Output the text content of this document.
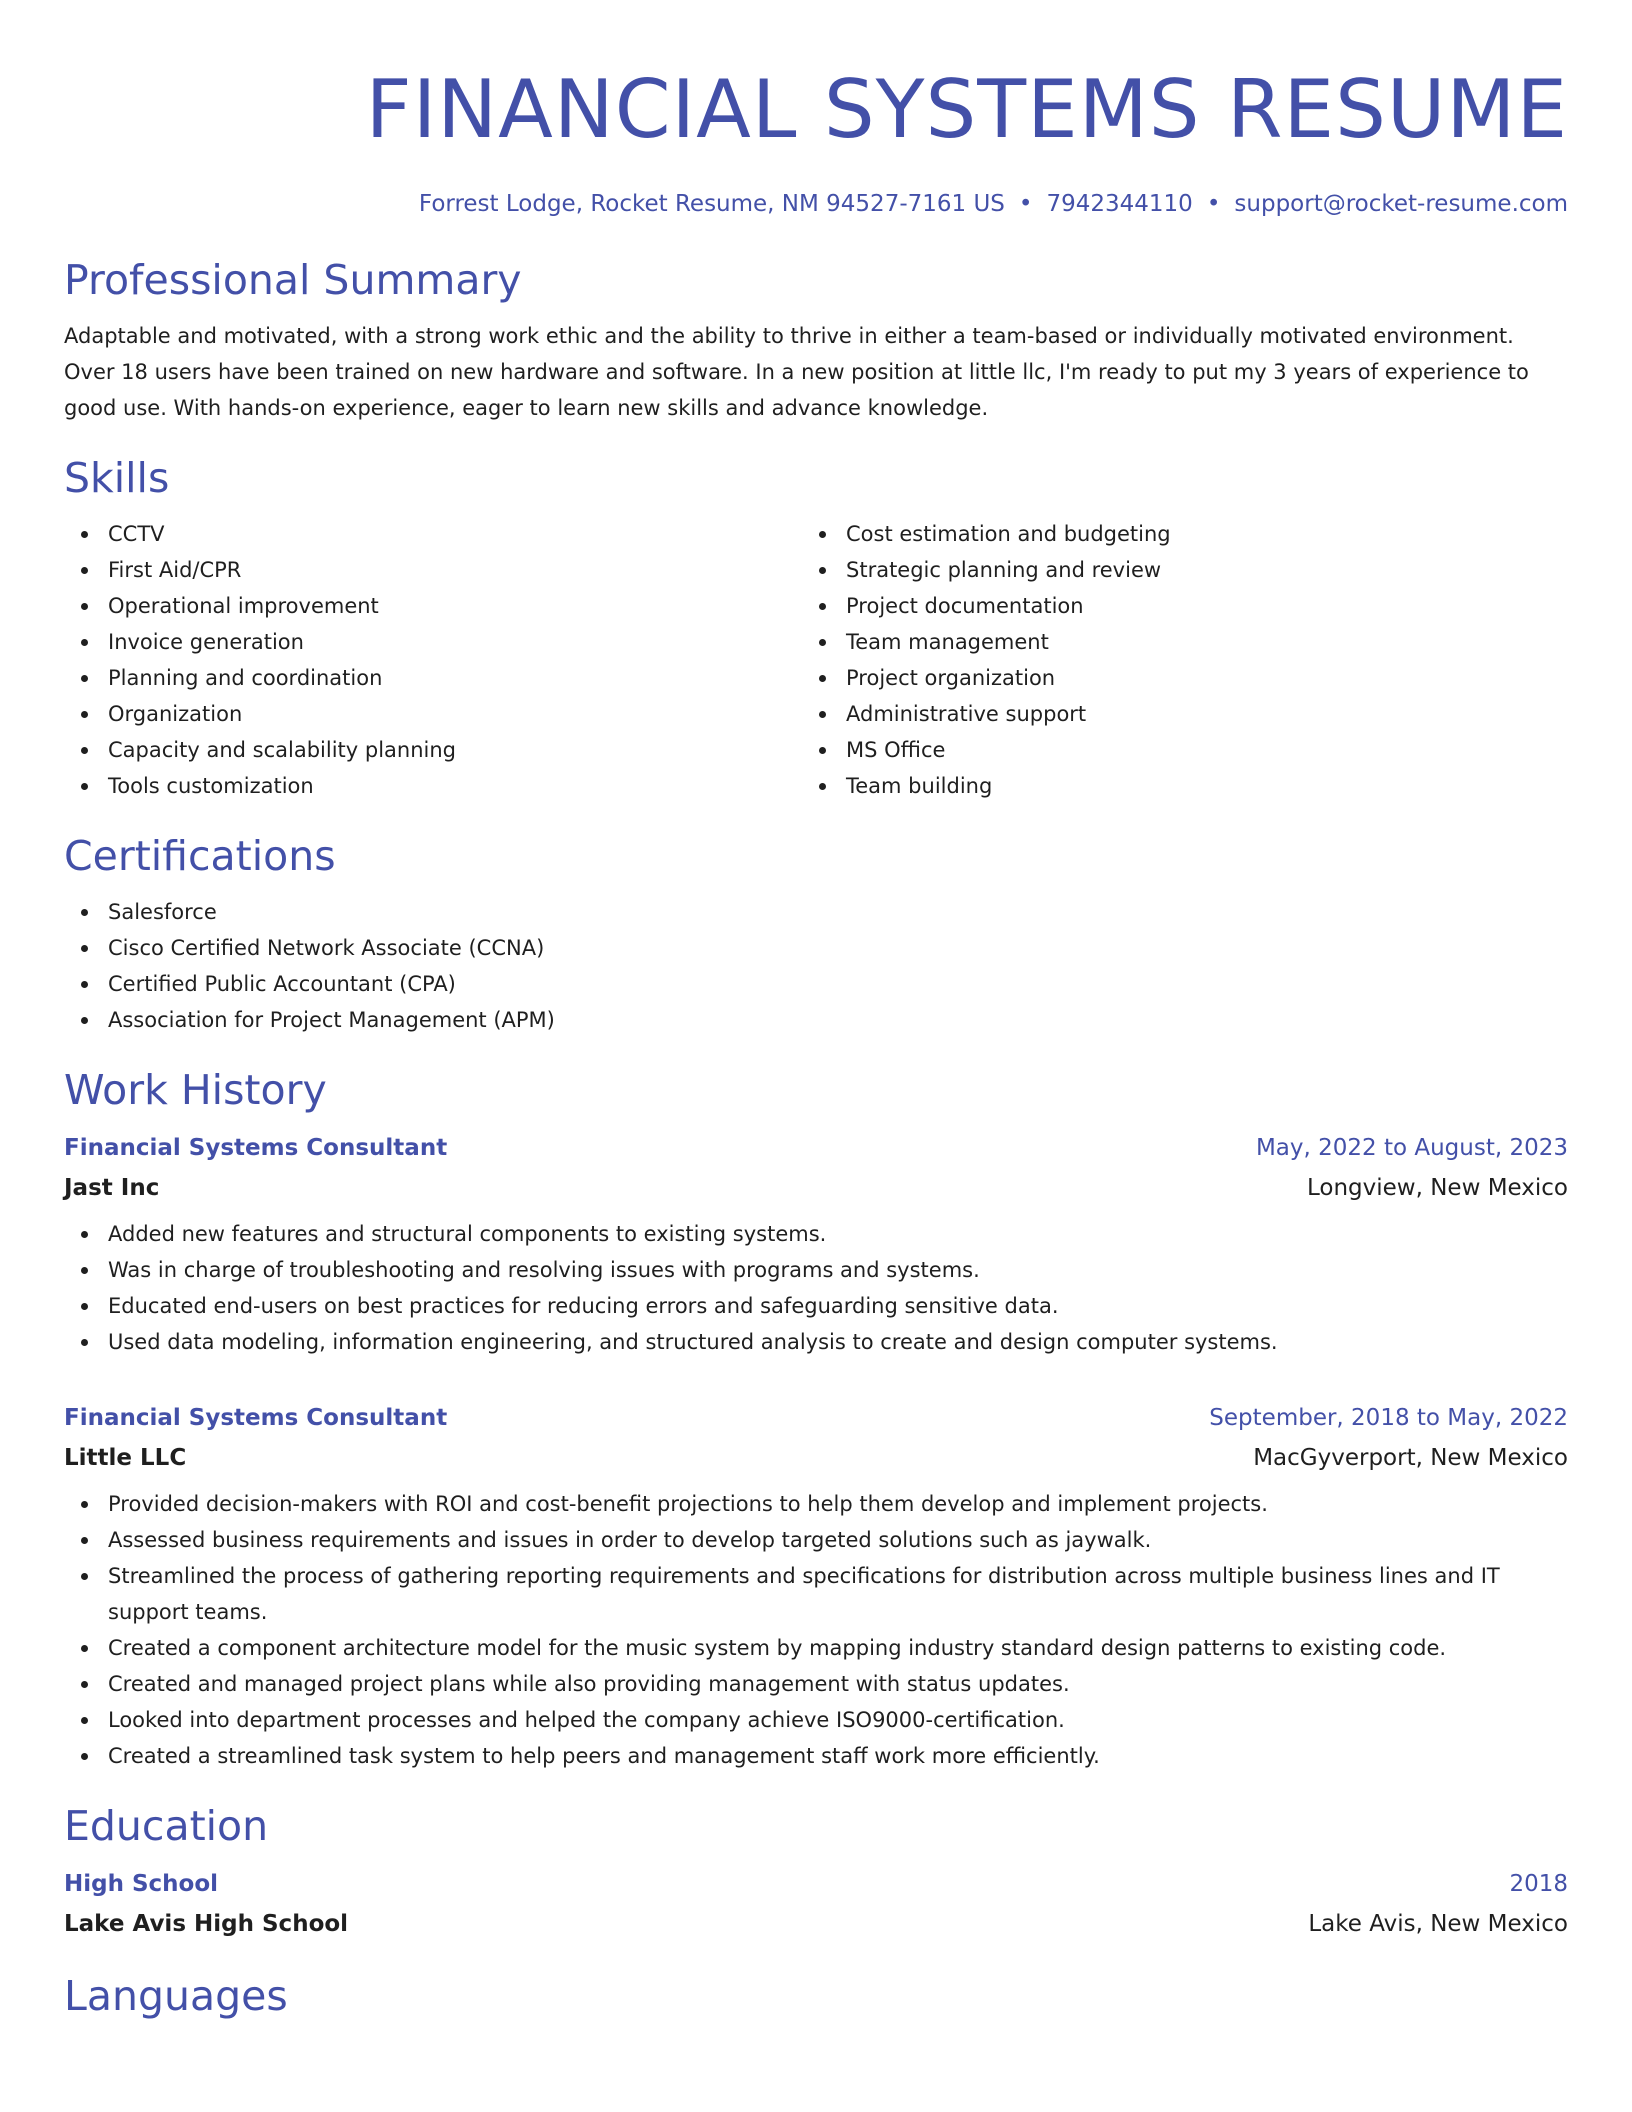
FINANCIAL SYSTEMS RESUME
Forrest Lodge, Rocket Resume, NM 94527-7161 US • 7942344110 • support@rocket-resume.com
Professional Summary
Adaptable and motivated, with a strong work ethic and the ability to thrive in either a team-based or individually motivated environment. Over 18 users have been trained on new hardware and software. In a new position at little llc, I'm ready to put my 3 years of experience to good use. With hands-on experience, eager to learn new skills and advance knowledge.
Skills
CCTV
First Aid/CPR
Operational improvement
Invoice generation
Planning and coordination
Organization
Capacity and scalability planning
Tools customization
Cost estimation and budgeting
Strategic planning and review
Project documentation
Team management
Project organization
Administrative support
MS Office
Team building
Certifications
Salesforce
Cisco Certified Network Associate (CCNA)
Certified Public Accountant (CPA)
Association for Project Management (APM)
Work History
Financial Systems Consultant	May, 2022 to August, 2023
Jast Inc	Longview, New Mexico
Added new features and structural components to existing systems.
Was in charge of troubleshooting and resolving issues with programs and systems.
Educated end-users on best practices for reducing errors and safeguarding sensitive data.
Used data modeling, information engineering, and structured analysis to create and design computer systems.
Financial Systems Consultant	September, 2018 to May, 2022
Little LLC	MacGyverport, New Mexico
Provided decision-makers with ROI and cost-benefit projections to help them develop and implement projects.
Assessed business requirements and issues in order to develop targeted solutions such as jaywalk.
Streamlined the process of gathering reporting requirements and specifications for distribution across multiple business lines and IT support teams.
Created a component architecture model for the music system by mapping industry standard design patterns to existing code.
Created and managed project plans while also providing management with status updates.
Looked into department processes and helped the company achieve ISO9000-certification.
Created a streamlined task system to help peers and management staff work more efficiently.
Education
High School	2018
Lake Avis High School	Lake Avis, New Mexico
Languages
